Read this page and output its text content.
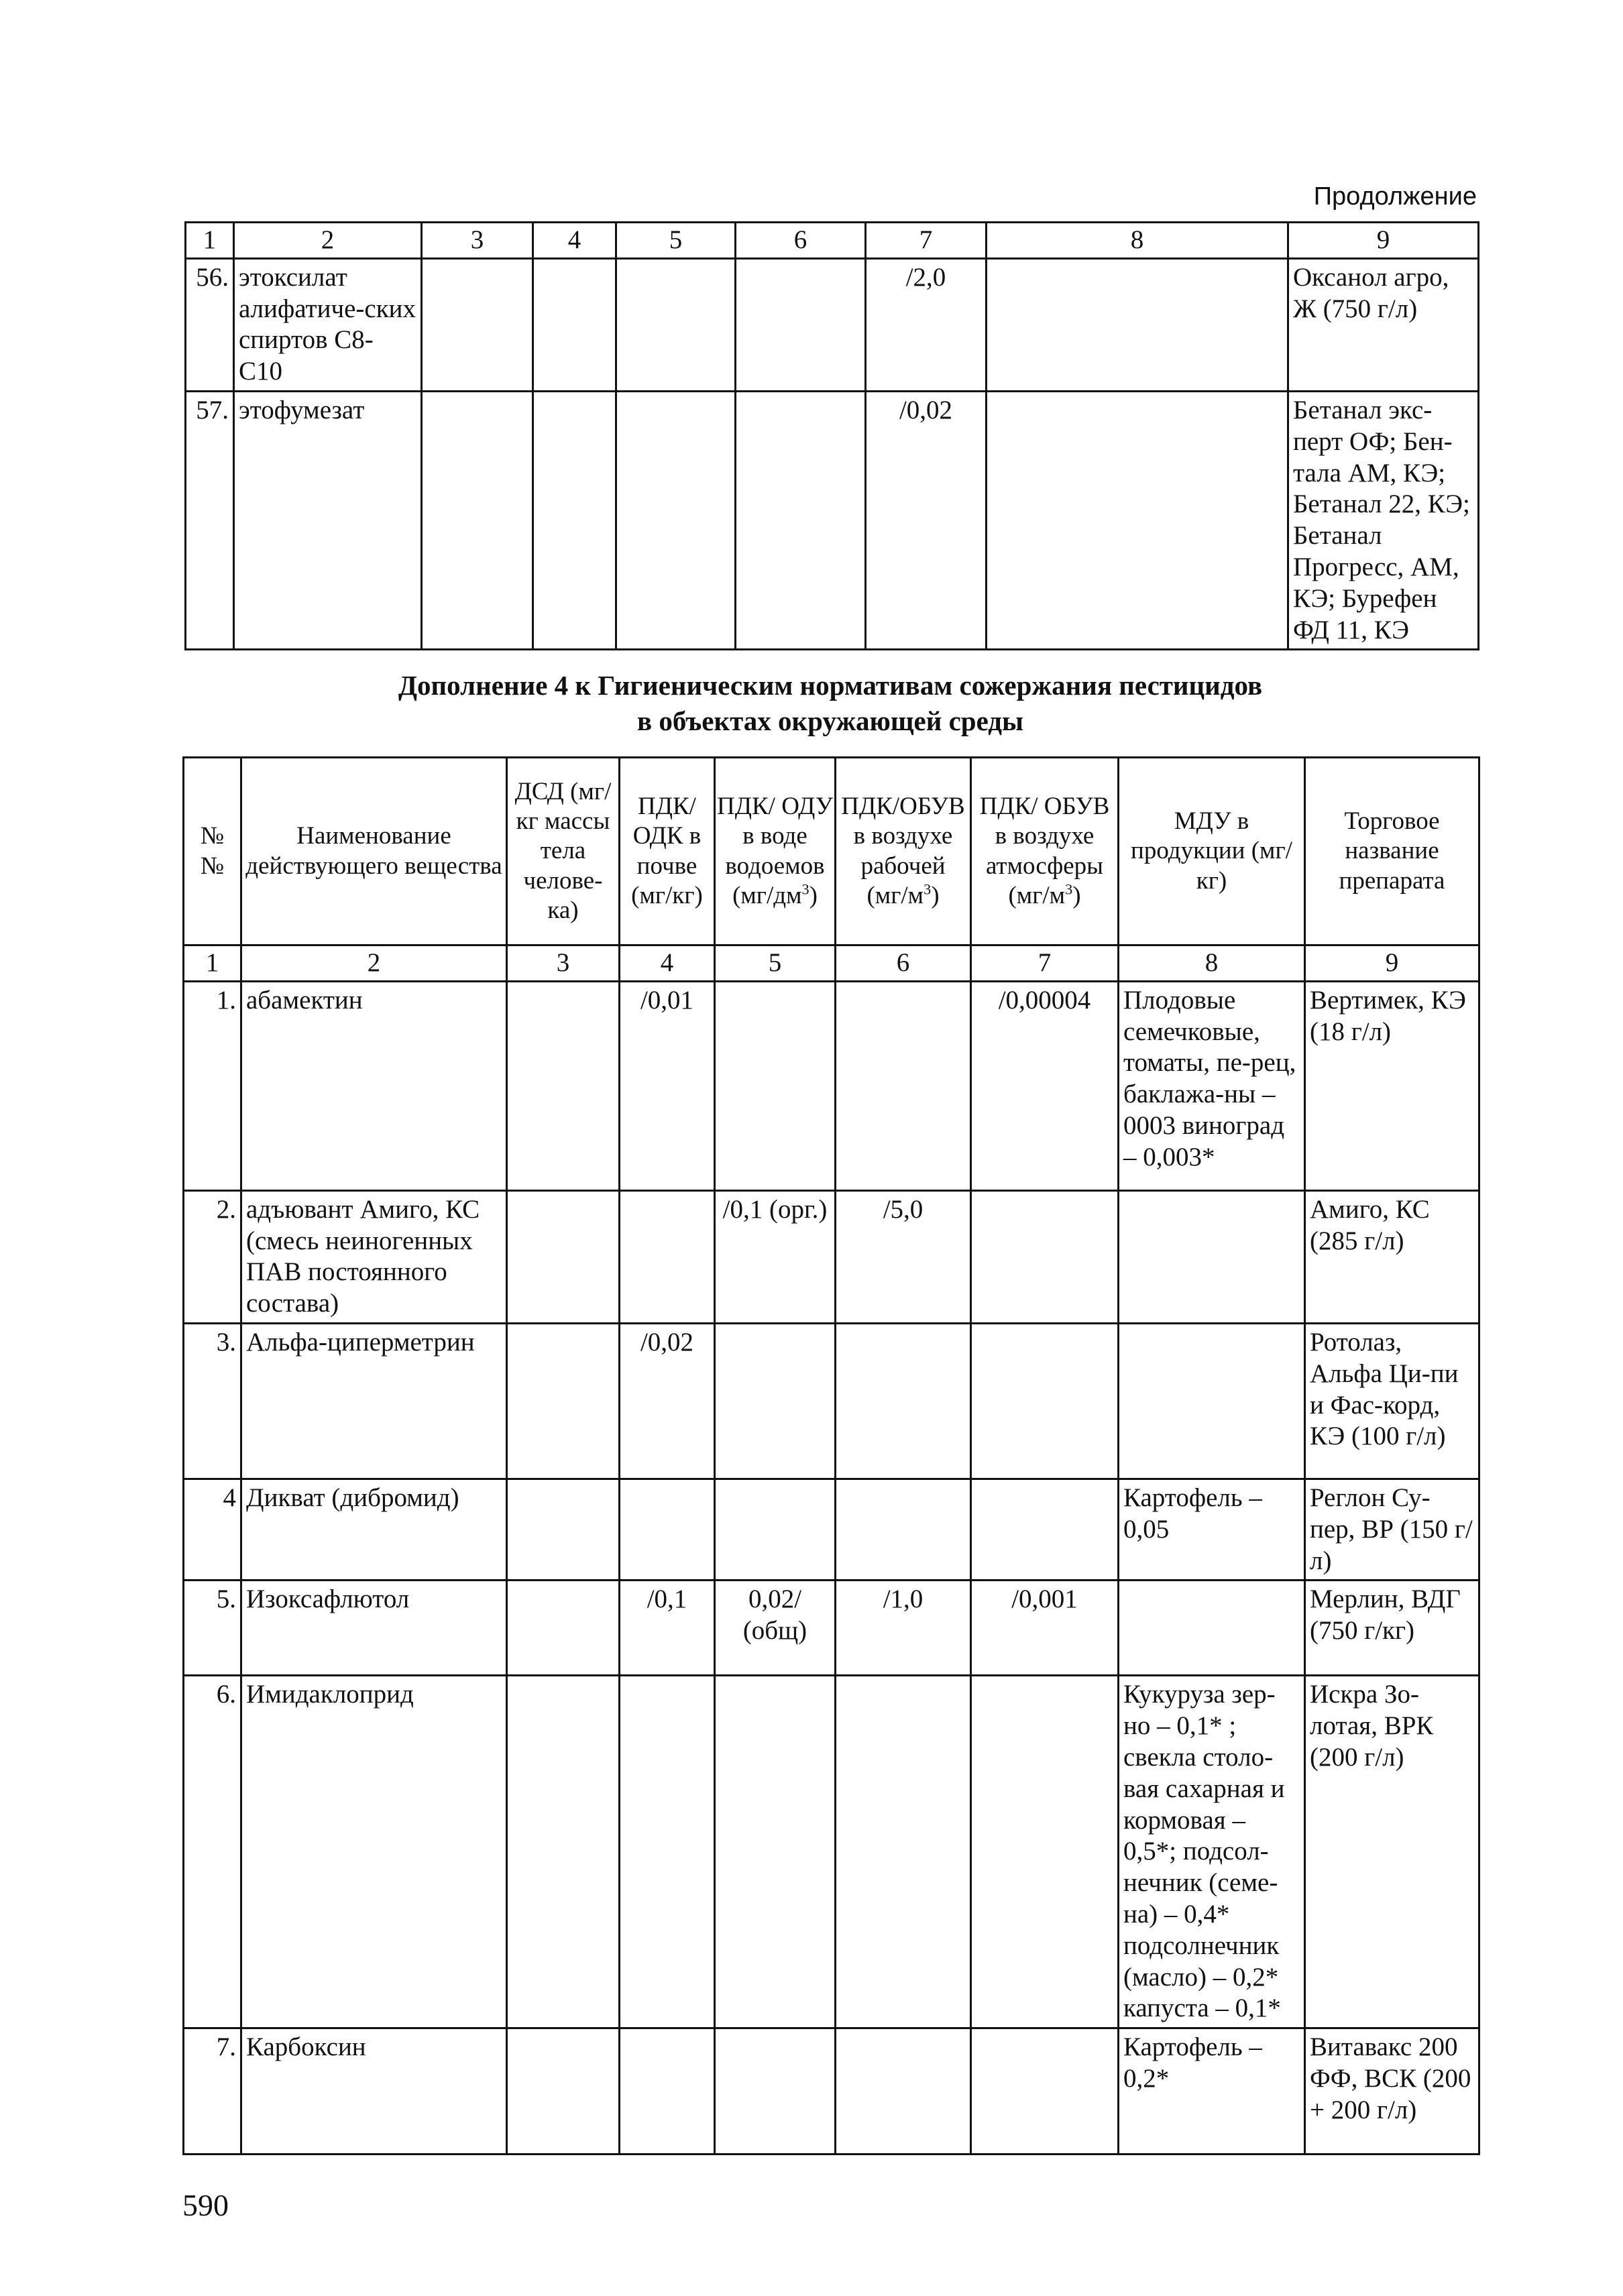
Продолжение
1	2	3	4	5	6	7	8	9
56.	этоксилат алифатиче-ских спиртов С8-С10					/2,0		Оксанол агро, Ж (750 г/л)
57.	этофумезат					/0,02		Бетанал экс-перт ОФ; Бен-тала АМ, КЭ; Бетанал 22, КЭ; Бетанал Прогресс, АМ, КЭ; Бурефен ФД 11, КЭ
Дополнение 4 к Гигиеническим нормативам сожержания пестицидов
в объектах окружающей среды
№ №	Наименование действующего вещества	ДСД (мг/кг массы тела челове-ка)	ПДК/ ОДК в почве (мг/кг)	ПДК/ ОДУ в воде водоемов $(мг/дм^3)$	ПДК/ОБУВ в воздухе рабочей $(мг/м^3)$	ПДК/ ОБУВ в воздухе атмосферы $(мг/м^3)$	МДУ в продукции (мг/кг)	Торговое название препарата
1	2	3	4	5	6	7	8	9
1.	абамектин		/0,01			/0,00004	Плодовые семечковые, томаты, пе-рец, баклажа-ны – 0003 виноград – 0,003*	Вертимек, КЭ (18 г/л)
2.	адъювант Амиго, КС (смесь неиногенных ПАВ постоянного состава)			/0,1 (орг.)	/5,0			Амиго, КС (285 г/л)
3.	Альфа-циперметрин		/0,02					Ротолаз, Альфа Ци-пи и Фас-корд, КЭ (100 г/л)
4	Дикват (дибромид)						Картофель – 0,05	Реглон Су-пер, ВР (150 г/л)
5.	Изоксафлютол		/0,1	0,02/ (общ)	/1,0	/0,001		Мерлин, ВДГ (750 г/кг)
6.	Имидаклоприд						Кукуруза зер-но – 0,1* ; свекла столо-вая сахарная и кормовая – 0,5*; подсол-нечник (семе-на) – 0,4* подсолнечник (масло) – 0,2* капуста – 0,1*	Искра Зо-лотая, ВРК (200 г/л)
7.	Карбоксин						Картофель – 0,2*	Витавакс 200 ФФ, ВСК (200 + 200 г/л)
590
